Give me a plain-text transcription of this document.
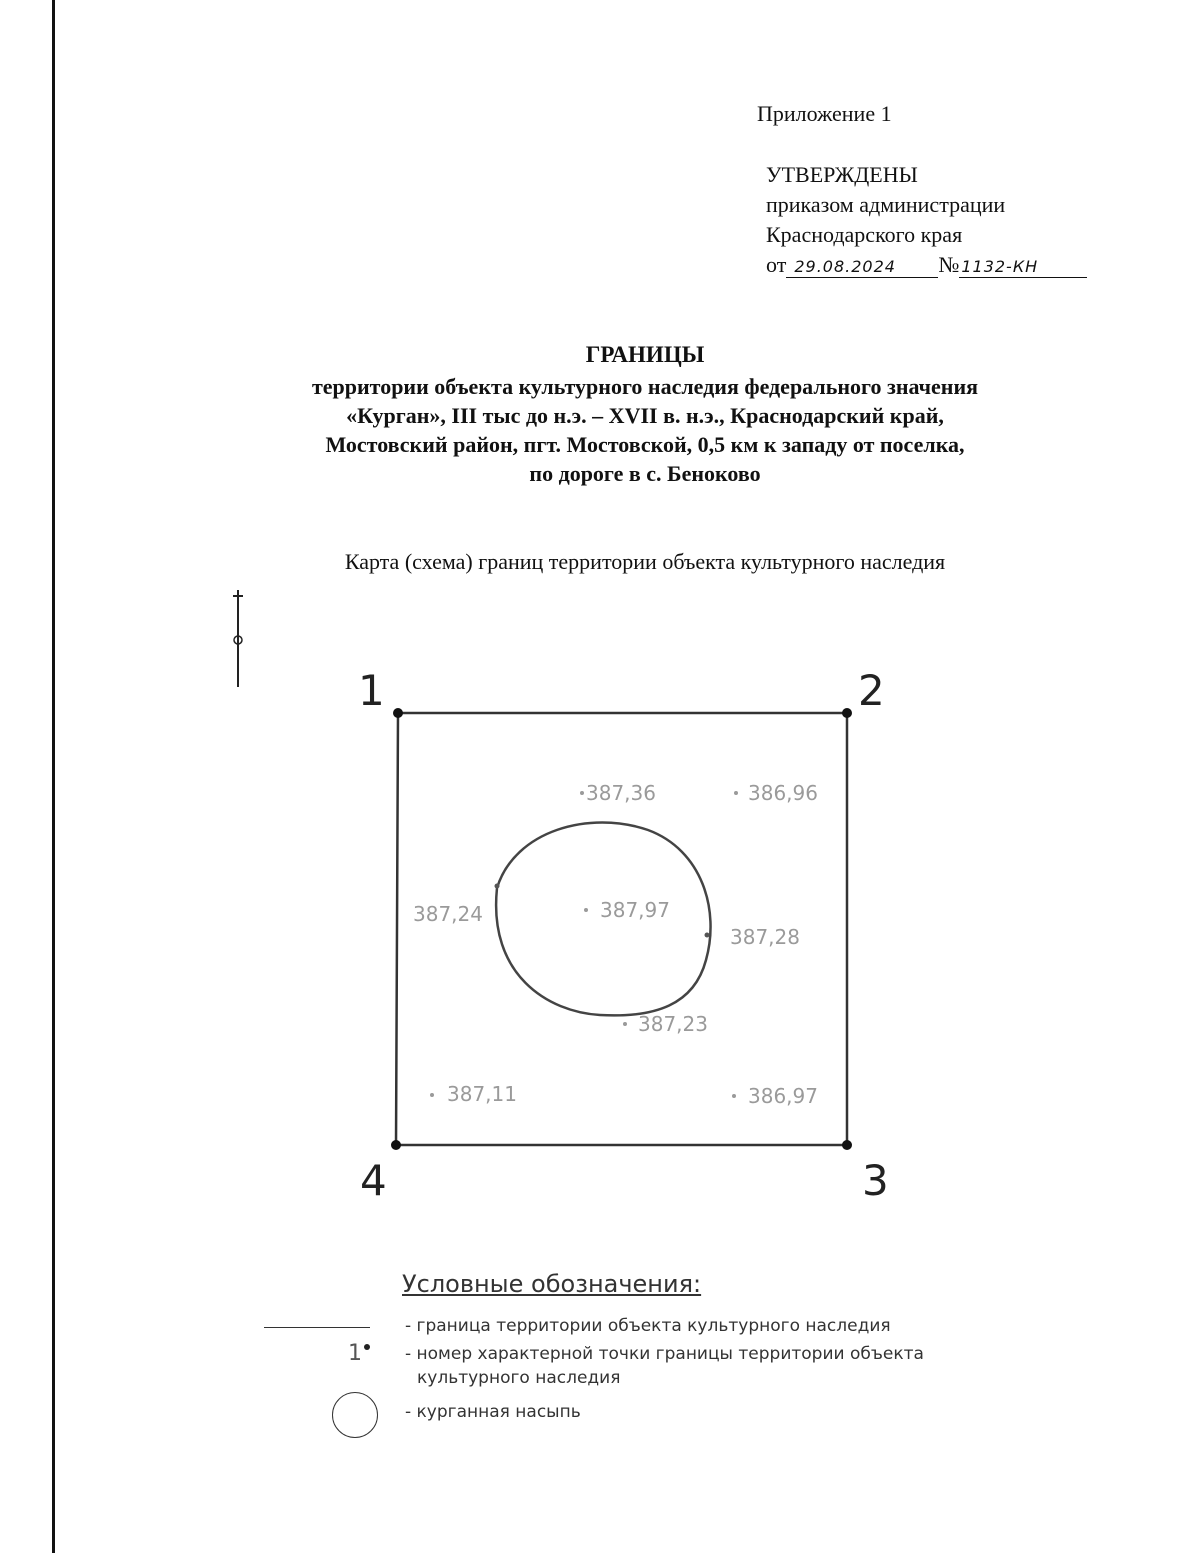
Приложение 1
УТВЕРЖДЕНЫ
приказом администрации
Краснодарского края
от 29.08.2024 № 1132-КН
ГРАНИЦЫ
территории объекта культурного наследия федерального значения
«Курган», III тыс до н.э. – XVII в. н.э., Краснодарский край,
Мостовский район, пгт. Мостовской, 0,5 км к западу от поселка,
по дороге в с. Беноково
Карта (схема) границ территории объекта культурного наследия
1	2
3
4
387,36	386,96
387,24	387,97
387,28
387,23
387,11	386,97
Условные обозначения:
- граница территории объекта культурного наследия
1	- номер характерной точки границы территории объекта
культурного наследия
- курганная насыпь
